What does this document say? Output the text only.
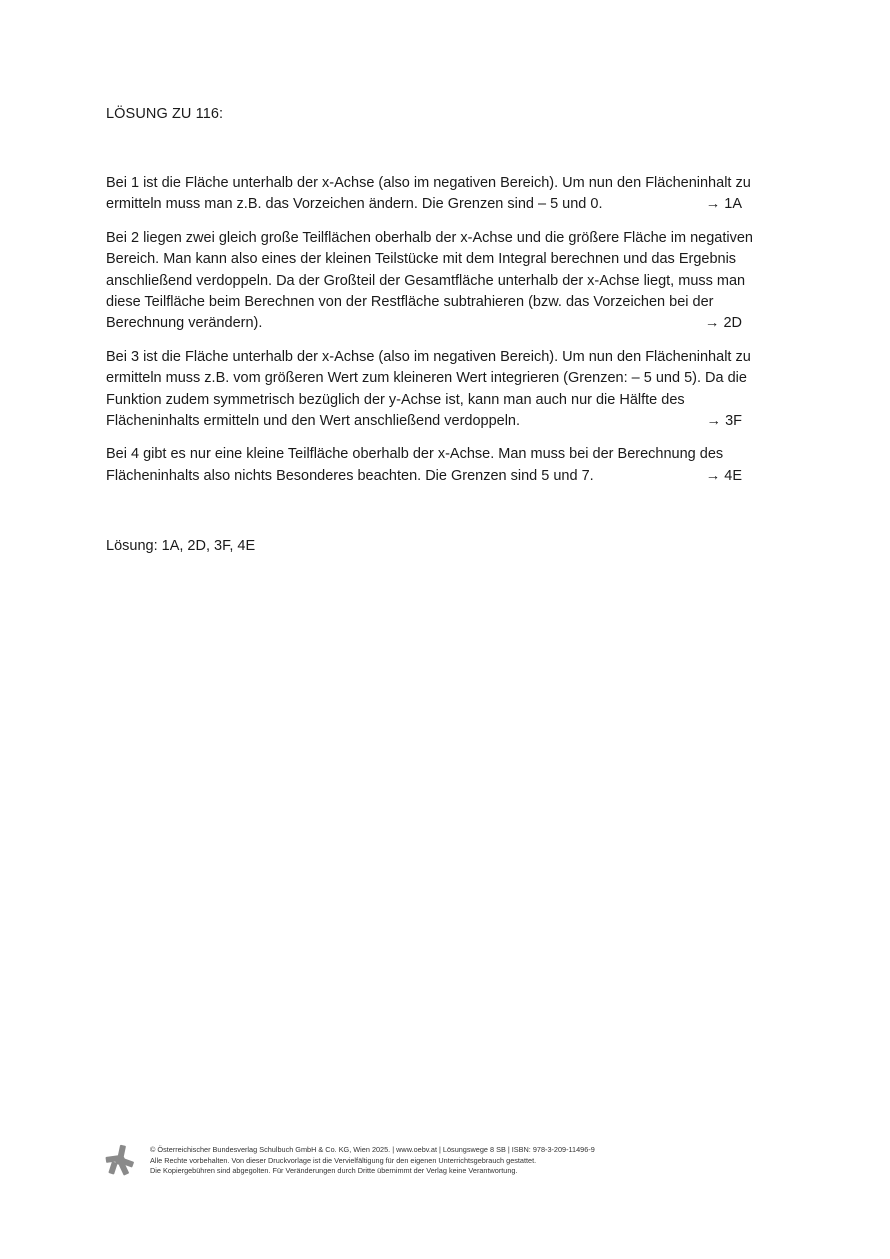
LÖSUNG ZU 116:
Bei 1 ist die Fläche unterhalb der x-Achse (also im negativen Bereich). Um nun den Flächeninhalt zu ermitteln muss man z.B. das Vorzeichen ändern. Die Grenzen sind – 5 und 0.	→ 1A
Bei 2 liegen zwei gleich große Teilflächen oberhalb der x-Achse und die größere Fläche im negativen Bereich. Man kann also eines der kleinen Teilstücke mit dem Integral berechnen und das Ergebnis anschließend verdoppeln. Da der Großteil der Gesamtfläche unterhalb der x-Achse liegt, muss man diese Teilfläche beim Berechnen von der Restfläche subtrahieren (bzw. das Vorzeichen bei der Berechnung verändern).	→ 2D
Bei 3 ist die Fläche unterhalb der x-Achse (also im negativen Bereich). Um nun den Flächeninhalt zu ermitteln muss z.B. vom größeren Wert zum kleineren Wert integrieren (Grenzen: – 5 und 5). Da die Funktion zudem symmetrisch bezüglich der y-Achse ist, kann man auch nur die Hälfte des Flächeninhalts ermitteln und den Wert anschließend verdoppeln.	→ 3F
Bei 4 gibt es nur eine kleine Teilfläche oberhalb der x-Achse. Man muss bei der Berechnung des Flächeninhalts also nichts Besonderes beachten. Die Grenzen sind 5 und 7.	→ 4E
Lösung: 1A, 2D, 3F, 4E
© Österreichischer Bundesverlag Schulbuch GmbH & Co. KG, Wien 2025. | www.oebv.at | Lösungswege 8 SB | ISBN: 978-3-209-11496-9
Alle Rechte vorbehalten. Von dieser Druckvorlage ist die Vervielfältigung für den eigenen Unterrichtsgebrauch gestattet.
Die Kopiergebühren sind abgegolten. Für Veränderungen durch Dritte übernimmt der Verlag keine Verantwortung.
